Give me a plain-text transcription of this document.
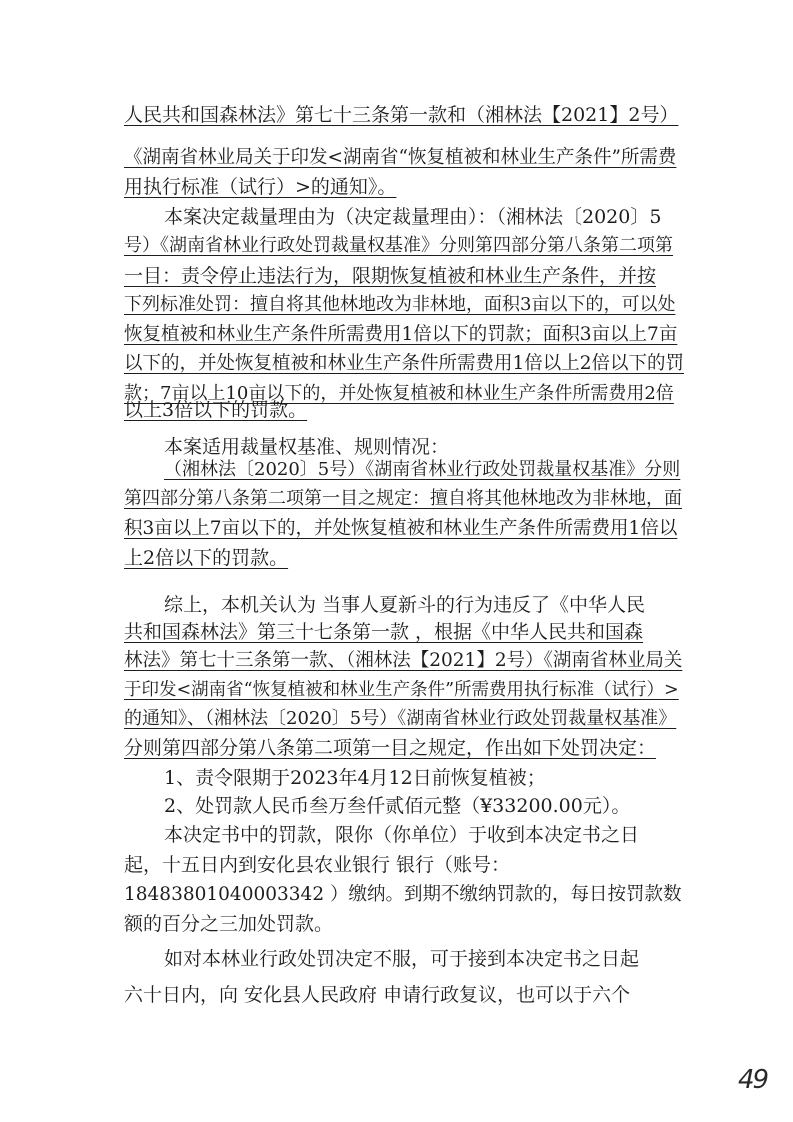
人民共和国森林法》第七十三条第一款和（湘林法【2021】2号）
《湖南省林业局关于印发<湖南省“恢复植被和林业生产条件”所需费
用执行标准（试行）>的通知》。
本案决定裁量理由为（决定裁量理由）：（湘林法〔2020〕5
号）《湖南省林业行政处罚裁量权基准》分则第四部分第八条第二项第
一目：责令停止违法行为，限期恢复植被和林业生产条件，并按
下列标准处罚：擅自将其他林地改为非林地，面积3亩以下的，可以处
恢复植被和林业生产条件所需费用1倍以下的罚款；面积3亩以上7亩
以下的，并处恢复植被和林业生产条件所需费用1倍以上2倍以下的罚
款；7亩以上10亩以下的，并处恢复植被和林业生产条件所需费用2倍
以上3倍以下的罚款。
本案适用裁量权基准、规则情况：
（湘林法〔2020〕5号）《湖南省林业行政处罚裁量权基准》分则
第四部分第八条第二项第一目之规定：擅自将其他林地改为非林地，面
积3亩以上7亩以下的，并处恢复植被和林业生产条件所需费用1倍以
上2倍以下的罚款。
综上，本机关认为 当事人夏新斗的行为违反了《中华人民
共和国森林法》第三十七条第一款 ，根据《中华人民共和国森
林法》第七十三条第一款、（湘林法【2021】2号）《湖南省林业局关
于印发<湖南省“恢复植被和林业生产条件”所需费用执行标准（试行）>
的通知》、（湘林法〔2020〕5号）《湖南省林业行政处罚裁量权基准》
分则第四部分第八条第二项第一目之规定，作出如下处罚决定：
1、责令限期于2023年4月12日前恢复植被；
2、处罚款人民币叁万叁仟贰佰元整（¥33200.00元）。
本决定书中的罚款，限你（你单位）于收到本决定书之日
起，十五日内到安化县农业银行 银行（账号：
18483801040003342 ）缴纳。到期不缴纳罚款的，每日按罚款数
额的百分之三加处罚款。
如对本林业行政处罚决定不服，可于接到本决定书之日起
六十日内，向 安化县人民政府 申请行政复议，也可以于六个
49
